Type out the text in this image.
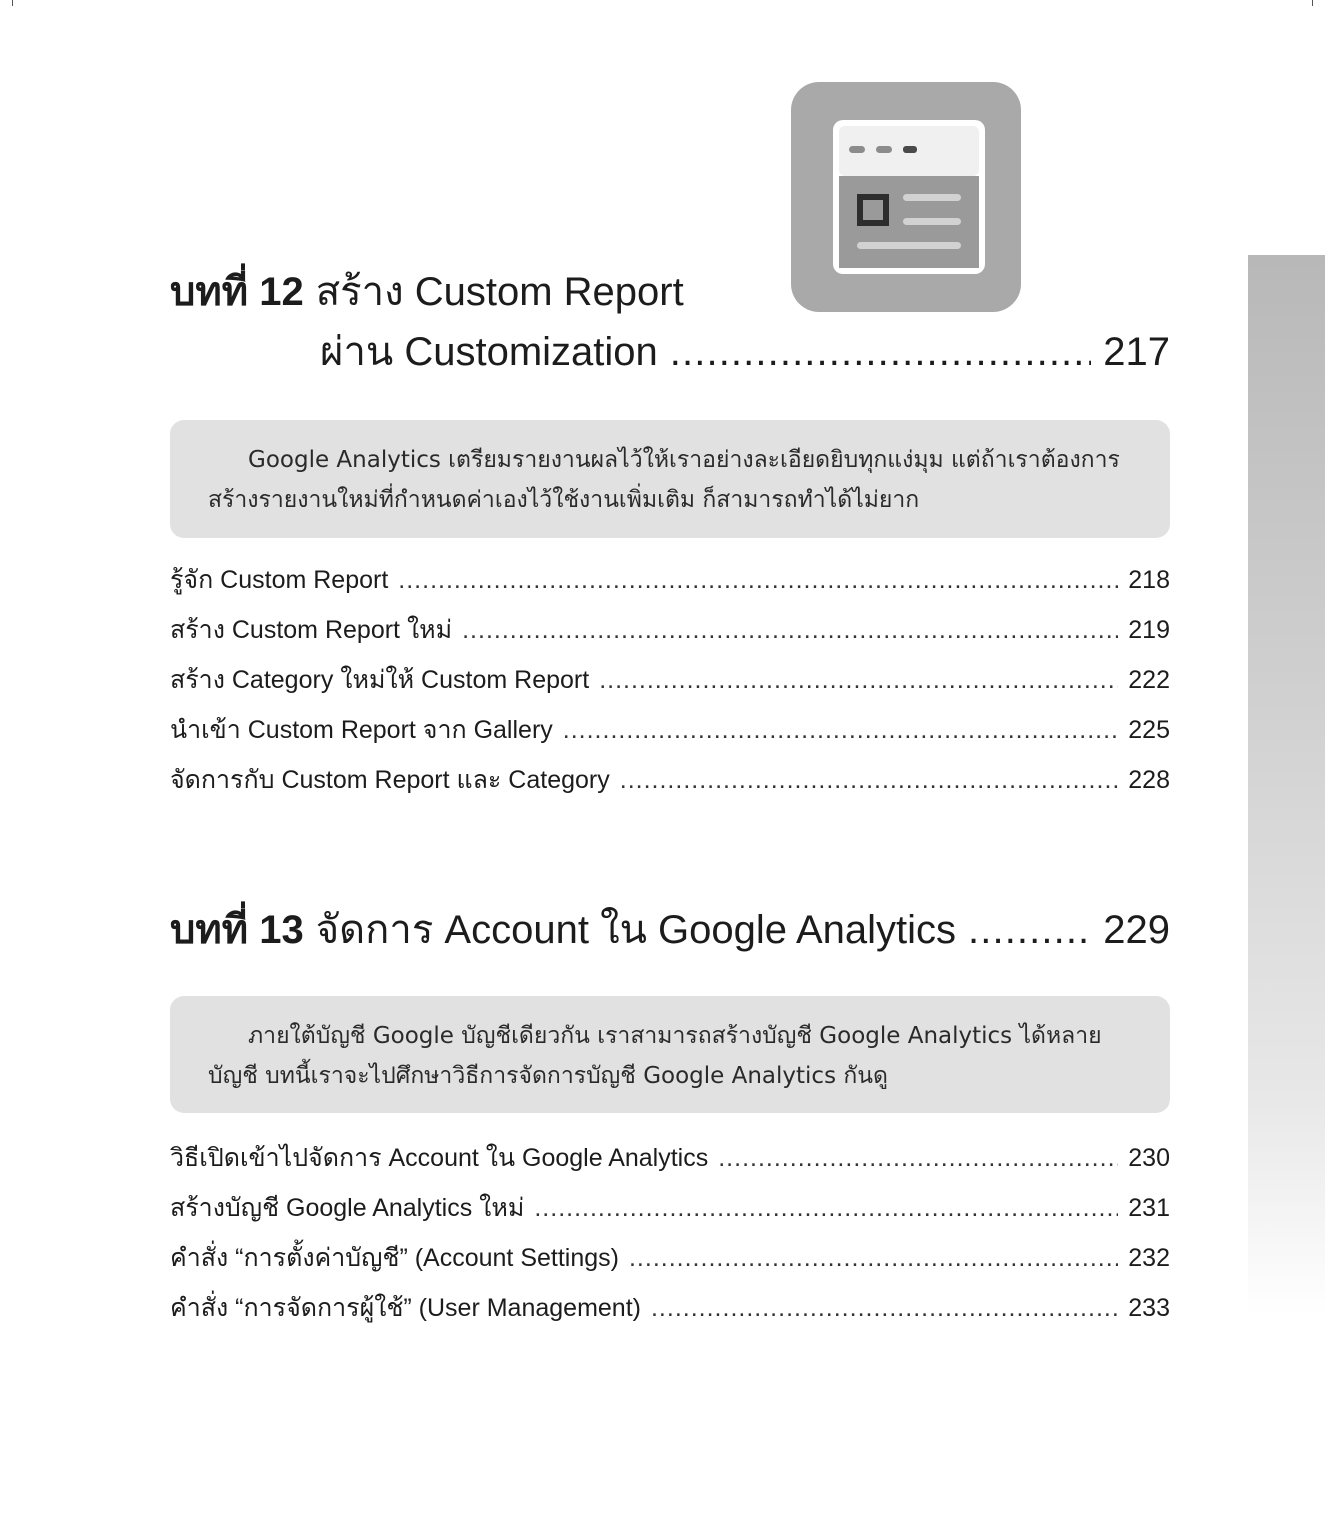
บทที่ 12 สร้าง Custom Report
ผ่าน Customization . . .	217
Google Analytics เตรียมรายงานผลไว้ให้เราอย่างละเอียดยิบทุกแง่มุม แต่ถ้าเราต้องการสร้างรายงานใหม่ที่กำหนดค่าเองไว้ใช้งานเพิ่มเติม ก็สามารถทำได้ไม่ยาก
รู้จัก Custom Report .....	218
สร้าง Custom Report ใหม่ .....	219
สร้าง Category ใหม่ให้ Custom Report .....	222
นำเข้า Custom Report จาก Gallery .....	225
จัดการกับ Custom Report และ Category .....	228
บทที่ 13 จัดการ Account ใน Google Analytics . . .	229
ภายใต้บัญชี Google บัญชีเดียวกัน เราสามารถสร้างบัญชี Google Analytics ได้หลายบัญชี บทนี้เราจะไปศึกษาวิธีการจัดการบัญชี Google Analytics กันดู
วิธีเปิดเข้าไปจัดการ Account ใน Google Analytics .....	230
สร้างบัญชี Google Analytics ใหม่ .....	231
คำสั่ง “การตั้งค่าบัญชี” (Account Settings) .....	232
คำสั่ง “การจัดการผู้ใช้” (User Management) .....	233
